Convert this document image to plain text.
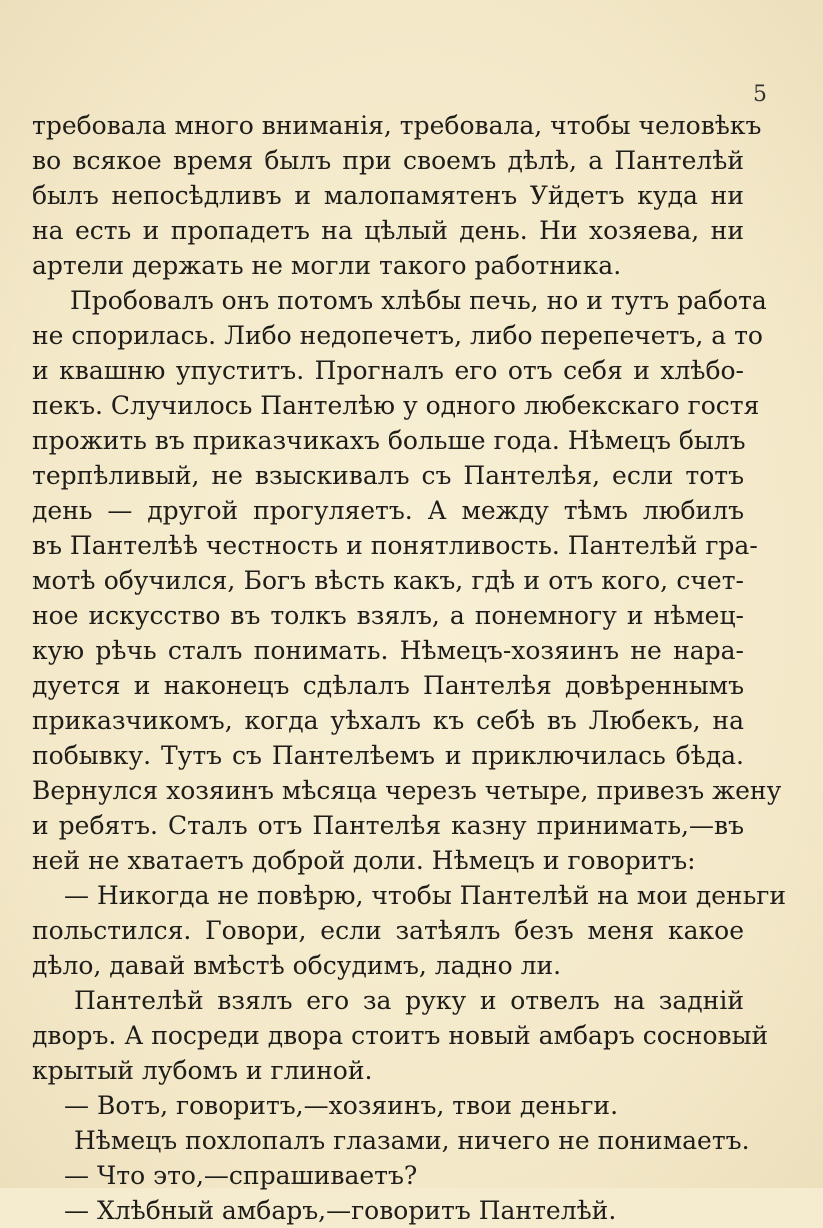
5
требовала много вниманія, требовала, чтобы человѣкъ
во всякое время былъ при своемъ дѣлѣ, а Пантелѣй
былъ непосѣдливъ и малопамятенъ Уйдетъ куда ни
на есть и пропадетъ на цѣлый день. Ни хозяева, ни
артели держать не могли такого работника.
Пробовалъ онъ потомъ хлѣбы печь, но и тутъ работа
не спорилась. Либо недопечетъ, либо перепечетъ, а то
и квашню упуститъ. Прогналъ его отъ себя и хлѣбо-
пекъ. Случилось Пантелѣю у одного любекскаго гостя
прожить въ приказчикахъ больше года. Нѣмецъ былъ
терпѣливый, не взыскивалъ съ Пантелѣя, если тотъ
день — другой прогуляетъ. А между тѣмъ любилъ
въ Пантелѣѣ честность и понятливость. Пантелѣй гра-
мотѣ обучился, Богъ вѣсть какъ, гдѣ и отъ кого, счет-
ное искусство въ толкъ взялъ, а понемногу и нѣмец-
кую рѣчь сталъ понимать. Нѣмецъ-хозяинъ не нара-
дуется и наконецъ сдѣлалъ Пантелѣя довѣреннымъ
приказчикомъ, когда уѣхалъ къ себѣ въ Любекъ, на
побывку. Тутъ съ Пантелѣемъ и приключилась бѣда.
Вернулся хозяинъ мѣсяца черезъ четыре, привезъ жену
и ребятъ. Сталъ отъ Пантелѣя казну принимать,—въ
ней не хватаетъ доброй доли. Нѣмецъ и говоритъ:
— Никогда не повѣрю, чтобы Пантелѣй на мои деньги
польстился. Говори, если затѣялъ безъ меня какое
дѣло, давай вмѣстѣ обсудимъ, ладно ли.
Пантелѣй взялъ его за руку и отвелъ на задній
дворъ. А посреди двора стоитъ новый амбаръ сосновый
крытый лубомъ и глиной.
— Вотъ, говоритъ,—хозяинъ, твои деньги.
Нѣмецъ похлопалъ глазами, ничего не понимаетъ.
— Что это,—спрашиваетъ?
— Хлѣбный амбаръ,—говоритъ Пантелѣй.
